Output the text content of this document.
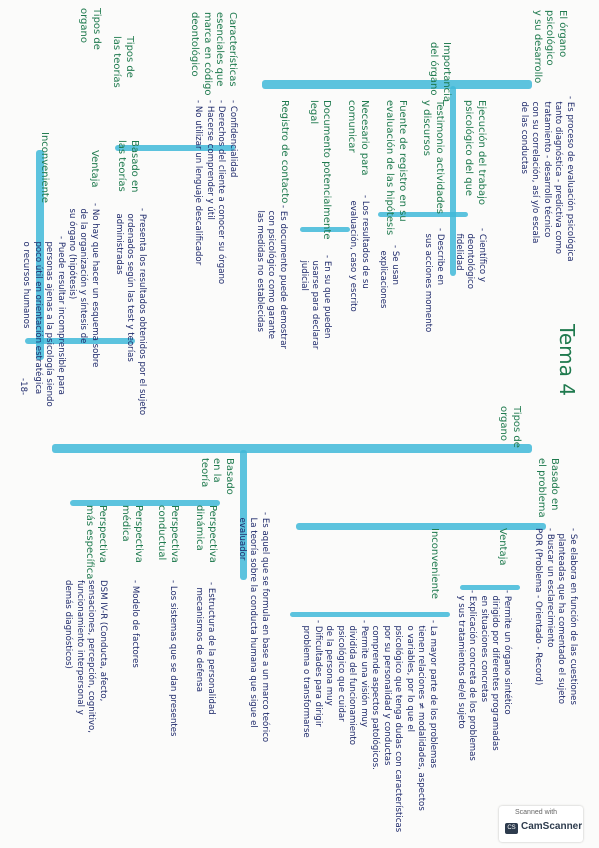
El órgano
psicológico
y su desarrollo
- Es proceso de evaluación psicológica
tanto diagnóstica - predictiva como
tratamiento - desarrollo técnico
con su correlación, así y/o escala
de las conductas
Importancia
del órgano
Ejecución del trabajo
psicológico del que
- Científico y
deontológico
fidelidad
Testimonio actividades
y discursos
- Describe en
sus acciones momento
Fuente de registro en su
evaluación de las hipótesis
- Se usan
explicaciones
Necesario para
comunicar
- Los resultados de su
evaluación, caso y escrito
Documento potencialmente
legal
- En su que pueden
usarse para declarar
judicial
Registro de contacto
- Es documento puede demostrar
con psicológico como garante
las medidas no establecidas
Características
esenciales que
marca en código
deontológico
- Confidencialidad
- Derechos del cliente a conocer su órgano
- Hacerse comprender y útil
- No utilizar un lenguaje descalificador
Tipos de
organo
Tipos de
las teorías
Basado en
las teorías
- Presenta los resultados obtenidos por el sujeto
ordenados según las test y teorías
administradas
Ventaja
- No hay que hacer un esquema sobre
de la organización y síntesis de
su órgano (hipótesis)
Inconveniente
- Puede resultar incomprensible para
personas ajenas a la psicología siendo
poco útil en orientación estratégica
o recursos humanos
-18-	Tema 4
Tipos de
organo
Basado en
el problema
- Se elabora en función de las cuestiones
planteadas que ha comentado el sujeto
- Buscar un esclarecimiento
POR (Problema - Orientado - Record)
Ventaja
- Permite un órgano sintético
dirigido por diferentes programadas
en situaciones concretas
- Explicación concreta de los problemas
y sus tratamientos de/el sujeto
Inconveniente
- La mayor parte de los problemas
tienen relaciones ≠ modalidades, aspectos
o variables, por lo que el
psicológico que tenga dudas con características
por su personalidad y conductas
comprende aspectos patológicos.
- Permite una visión muy
dividida del funcionamiento
psicológico que cuidar
de la persona muy
- Dificultades para dirigir
problema o transformarse
Basado
en la
teoría
- Es aquel que se formula en base a un marco teórico
La teoría sobre la conducta humana que sigue el
evaluador
Perspectiva
dinámica
- Estructura de la personalidad
mecanismos de defensa
Perspectiva
conductual
- Los sistemas que se dan presentes
Perspectiva
médica
- Modelo de factores
Perspectiva
más específica
DSM IV-R (Conducta, afecto,
sensaciones, percepción, cognitivo,
funcionamiento interpersonal y
demás diagnósticos)
Scanned with
CS CamScanner
